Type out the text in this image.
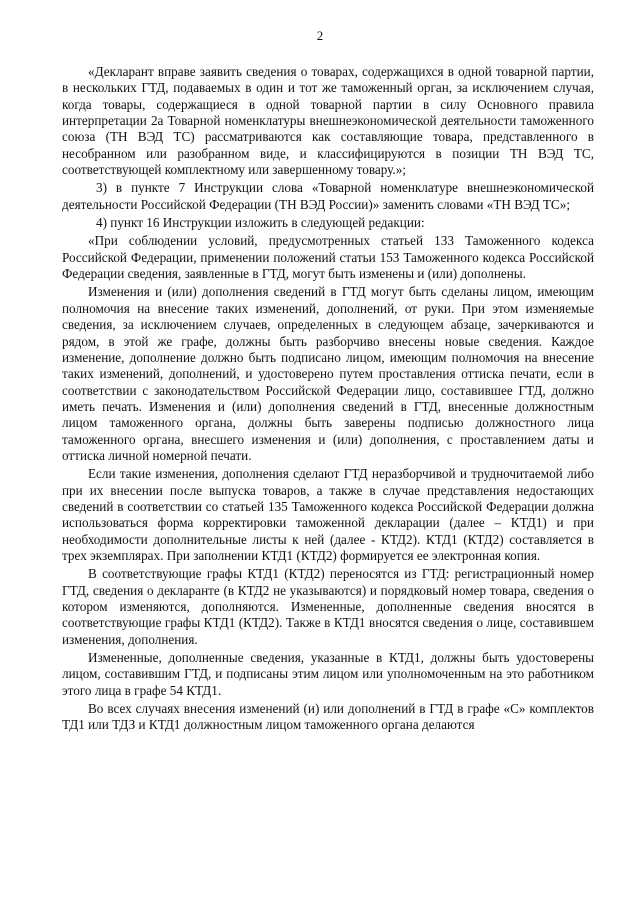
2

«Декларант вправе заявить сведения о товарах, содержащихся в одной товарной партии, в нескольких ГТД, подаваемых в один и тот же таможенный орган, за исключением случая, когда товары, содержащиеся в одной товарной партии в силу Основного правила интерпретации 2а Товарной номенклатуры внешнеэкономической деятельности таможенного союза (ТН ВЭД ТС) рассматриваются как составляющие товара, представленного в несобранном или разобранном виде, и классифицируются в позиции ТН ВЭД ТС, соответствующей комплектному или завершенному товару.»;

3) в пункте 7 Инструкции слова «Товарной номенклатуре внешнеэкономической деятельности Российской Федерации (ТН ВЭД России)» заменить словами «ТН ВЭД ТС»;

4) пункт 16 Инструкции изложить в следующей редакции:

«При соблюдении условий, предусмотренных статьей 133 Таможенного кодекса Российской Федерации, применении положений статьи 153 Таможенного кодекса Российской Федерации сведения, заявленные в ГТД, могут быть изменены и (или) дополнены.

Изменения и (или) дополнения сведений в ГТД могут быть сделаны лицом, имеющим полномочия на внесение таких изменений, дополнений, от руки. При этом изменяемые сведения, за исключением случаев, определенных в следующем абзаце, зачеркиваются и рядом, в этой же графе, должны быть разборчиво внесены новые сведения. Каждое изменение, дополнение должно быть подписано лицом, имеющим полномочия на внесение таких изменений, дополнений, и удостоверено путем проставления оттиска печати, если в соответствии с законодательством Российской Федерации лицо, составившее ГТД, должно иметь печать. Изменения и (или) дополнения сведений в ГТД, внесенные должностным лицом таможенного органа, должны быть заверены подписью должностного лица таможенного органа, внесшего изменения и (или) дополнения, с проставлением даты и оттиска личной номерной печати.

Если такие изменения, дополнения сделают ГТД неразборчивой и трудночитаемой либо при их внесении после выпуска товаров, а также в случае представления недостающих сведений в соответствии со статьей 135 Таможенного кодекса Российской Федерации должна использоваться форма корректировки таможенной декларации (далее – КТД1) и при необходимости дополнительные листы к ней (далее - КТД2). КТД1 (КТД2) составляется в трех экземплярах. При заполнении КТД1 (КТД2) формируется ее электронная копия.

В соответствующие графы КТД1 (КТД2) переносятся из ГТД: регистрационный номер ГТД, сведения о декларанте (в КТД2 не указываются) и порядковый номер товара, сведения о котором изменяются, дополняются. Измененные, дополненные сведения вносятся в соответствующие графы КТД1 (КТД2). Также в КТД1 вносятся сведения о лице, составившем изменения, дополнения.

Измененные, дополненные сведения, указанные в КТД1, должны быть удостоверены лицом, составившим ГТД, и подписаны этим лицом или уполномоченным на это работником этого лица в графе 54 КТД1.

Во всех случаях внесения изменений (и) или дополнений в ГТД в графе «С» комплектов ТД1 или ТДЗ и КТД1 должностным лицом таможенного органа делаются
